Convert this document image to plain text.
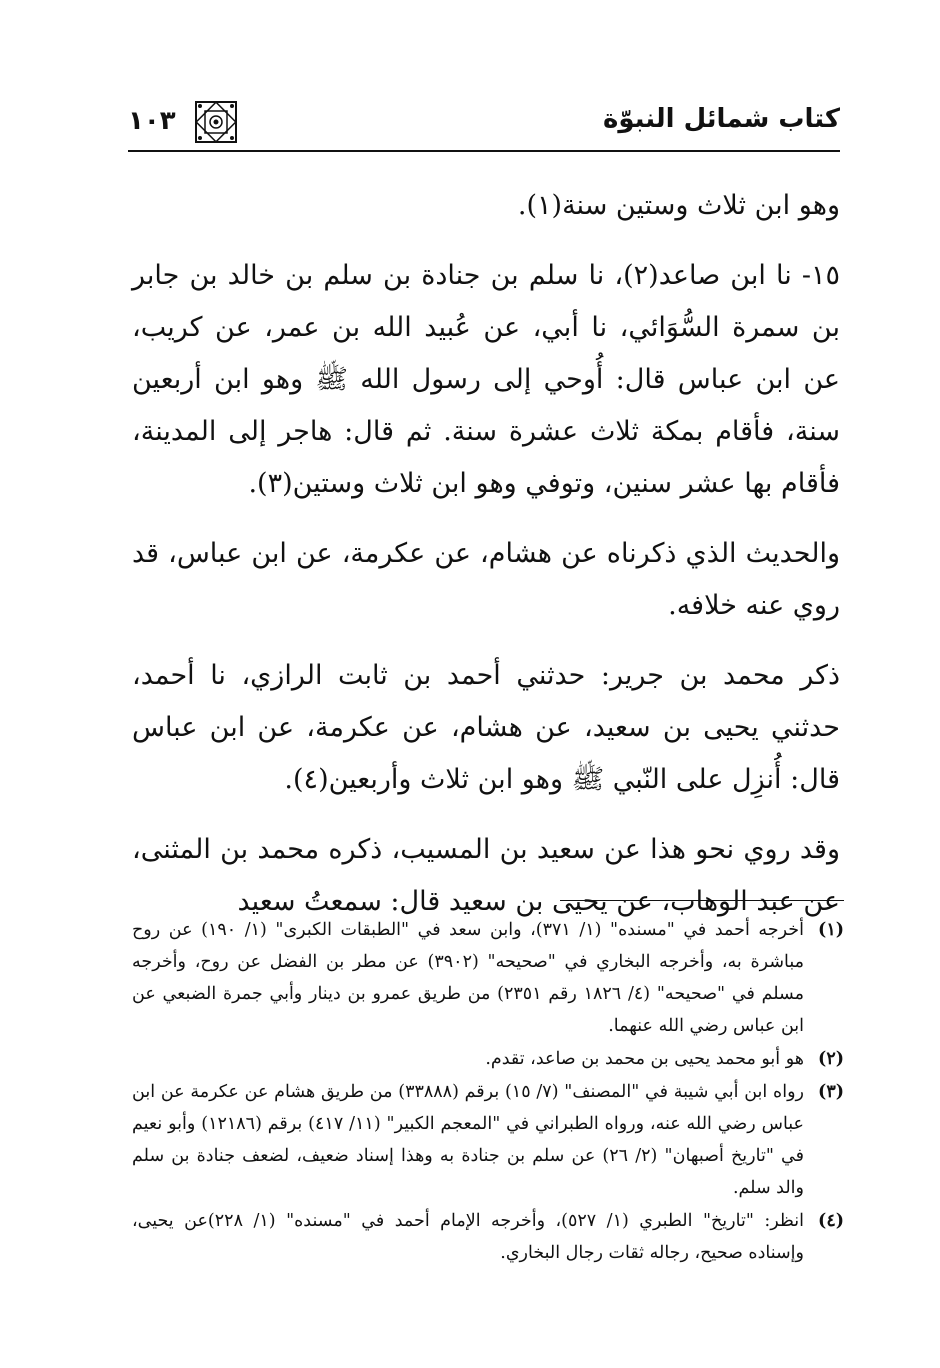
كتاب شمائل النبوّة
١٠٣

وهو ابن ثلاث وستين سنة(١).

١٥- نا ابن صاعد(٢)، نا سلم بن جنادة بن سلم بن خالد بن جابر بن سمرة السُّوَائي، نا أبي، عن عُبيد الله بن عمر، عن كريب، عن ابن عباس قال: أُوحي إلى رسول الله ﷺ وهو ابن أربعين سنة، فأقام بمكة ثلاث عشرة سنة. ثم قال: هاجر إلى المدينة، فأقام بها عشر سنين، وتوفي وهو ابن ثلاث وستين(٣).

والحديث الذي ذكرناه عن هشام، عن عكرمة، عن ابن عباس، قد روي عنه خلافه.

ذكر محمد بن جرير: حدثني أحمد بن ثابت الرازي، نا أحمد، حدثني يحيى بن سعيد، عن هشام، عن عكرمة، عن ابن عباس قال: أُنزِل على النّبي ﷺ وهو ابن ثلاث وأربعين(٤).

وقد روي نحو هذا عن سعيد بن المسيب، ذكره محمد بن المثنى، عن عبد الوهاب، عن يحيى بن سعيد قال: سمعتُ سعيد

(١)
أخرجه أحمد في "مسنده" (١/ ٣٧١)، وابن سعد في "الطبقات الكبرى" (١/ ١٩٠) عن روح مباشرة به، وأخرجه البخاري في "صحيحه" (٣٩٠٢) عن مطر بن الفضل عن روح، وأخرجه مسلم في "صحيحه" (٤/ ١٨٢٦ رقم ٢٣٥١) من طريق عمرو بن دينار وأبي جمرة الضبعي عن ابن عباس رضي الله عنهما.
(٢)
هو أبو محمد يحيى بن محمد بن صاعد، تقدم.
(٣)
رواه ابن أبي شيبة في "المصنف" (٧/ ١٥) برقم (٣٣٨٨٨) من طريق هشام عن عكرمة عن ابن عباس رضي الله عنه، ورواه الطبراني في "المعجم الكبير" (١١/ ٤١٧) برقم (١٢١٨٦) وأبو نعيم في "تاريخ أصبهان" (٢/ ٢٦) عن سلم بن جنادة به وهذا إسناد ضعيف، لضعف جنادة بن سلم والد سلم.
(٤)
انظر: "تاريخ" الطبري (١/ ٥٢٧)، وأخرجه الإمام أحمد في "مسنده" (١/ ٢٢٨)عن يحيى، وإسناده صحيح، رجاله ثقات رجال البخاري.
